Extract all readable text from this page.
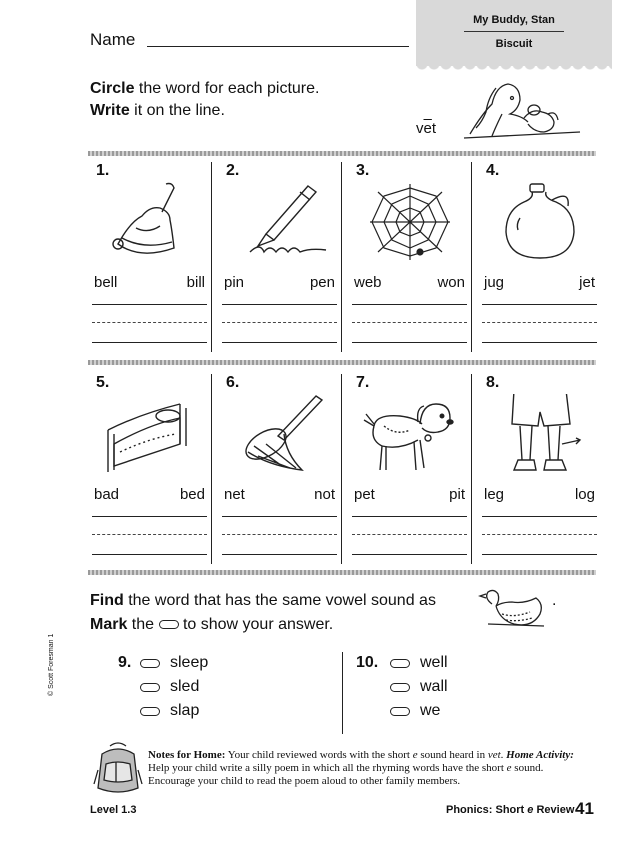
Name
My Buddy, Stan
Biscuit
Circle the word for each picture.
Write it on the line.
$v\overline{e}t$
1.
bell	bill
2.
pin	pen
3.
web	won
4.
jug	jet
5.
bad	bed
6.
net	not
7.
pet	pit
8.
leg	log
Find the word that has the same vowel sound as	.
Mark the  to show your answer.
9. sleep
sled
slap
10.	well
wall
we
Notes for Home: Your child reviewed words with the short e sound heard in vet. Home Activity: Help your child write a silly poem in which all the rhyming words have the short e sound. Encourage your child to read the poem aloud to other family members.
Level 1.3	Phonics: Short e Review 41
© Scott Foresman 1
